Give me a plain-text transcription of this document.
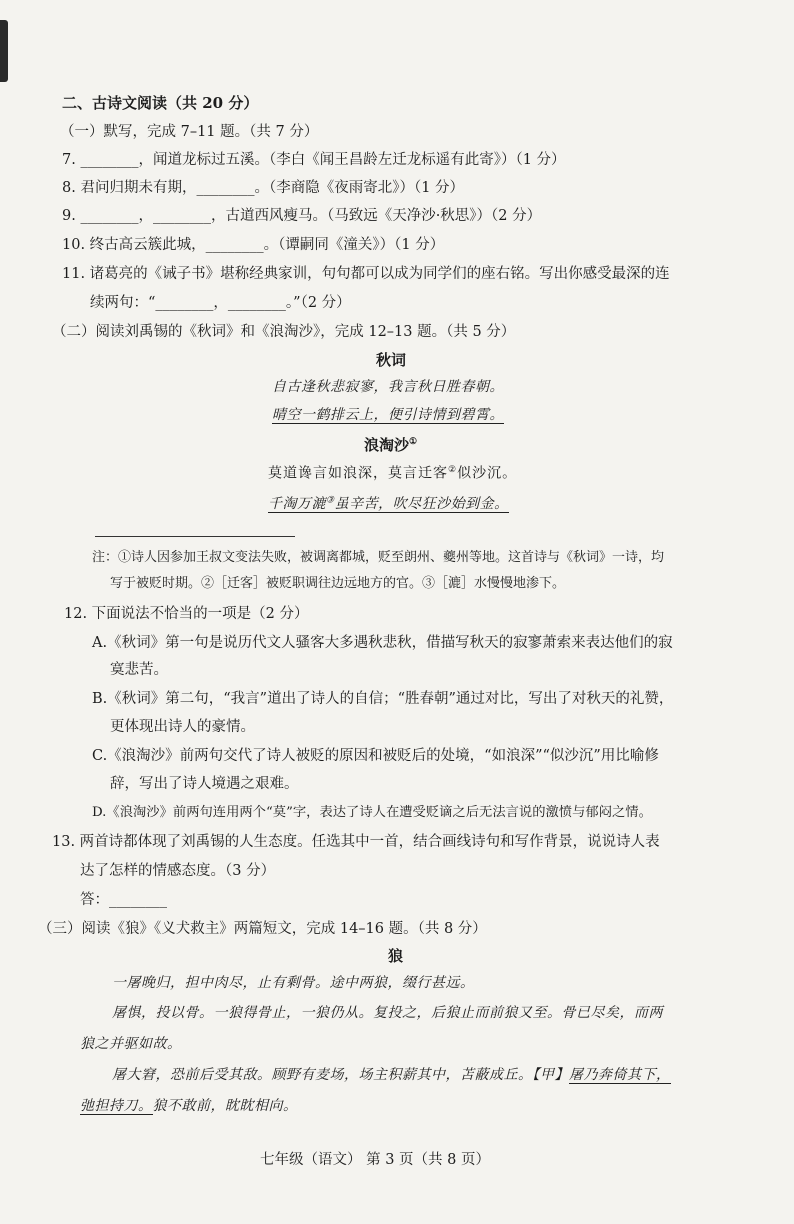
二、古诗文阅读（共 20 分）
（一）默写，完成 7–11 题。（共 7 分）
7. ________，闻道龙标过五溪。（李白《闻王昌龄左迁龙标遥有此寄》）（1 分）
8. 君问归期未有期，________。（李商隐《夜雨寄北》）（1 分）
9. ________，________，古道西风瘦马。（马致远《天净沙·秋思》）（2 分）
10. 终古高云簇此城，________。（谭嗣同《潼关》）（1 分）
11. 诸葛亮的《诫子书》堪称经典家训，句句都可以成为同学们的座右铭。写出你感受最深的连
续两句：“________，________。”（2 分）
（二）阅读刘禹锡的《秋词》和《浪淘沙》，完成 12–13 题。（共 5 分）
秋词
自古逢秋悲寂寥，我言秋日胜春朝。
晴空一鹤排云上，便引诗情到碧霄。
浪淘沙①
莫道谗言如浪深，莫言迁客②似沙沉。
千淘万漉③虽辛苦，吹尽狂沙始到金。
注：①诗人因参加王叔文变法失败，被调离都城，贬至朗州、夔州等地。这首诗与《秋词》一诗，均
写于被贬时期。②［迁客］被贬职调往边远地方的官。③［漉］水慢慢地渗下。
12. 下面说法不恰当的一项是（2 分）
A.《秋词》第一句是说历代文人骚客大多遇秋悲秋，借描写秋天的寂寥萧索来表达他们的寂
寞悲苦。
B.《秋词》第二句，“我言”道出了诗人的自信；“胜春朝”通过对比，写出了对秋天的礼赞，
更体现出诗人的豪情。
C.《浪淘沙》前两句交代了诗人被贬的原因和被贬后的处境，“如浪深”“似沙沉”用比喻修
辞，写出了诗人境遇之艰难。
D.《浪淘沙》前两句连用两个“莫”字，表达了诗人在遭受贬谪之后无法言说的激愤与郁闷之情。
13. 两首诗都体现了刘禹锡的人生态度。任选其中一首，结合画线诗句和写作背景，说说诗人表
达了怎样的情感态度。（3 分）
答：________
（三）阅读《狼》《义犬救主》两篇短文，完成 14–16 题。（共 8 分）
狼
一屠晚归，担中肉尽，止有剩骨。途中两狼，缀行甚远。
屠惧，投以骨。一狼得骨止，一狼仍从。复投之，后狼止而前狼又至。骨已尽矣，而两
狼之并驱如故。
屠大窘，恐前后受其敌。顾野有麦场，场主积薪其中，苫蔽成丘。【甲】屠乃奔倚其下，
弛担持刀。狼不敢前，眈眈相向。
七年级（语文） 第 3 页（共 8 页）
